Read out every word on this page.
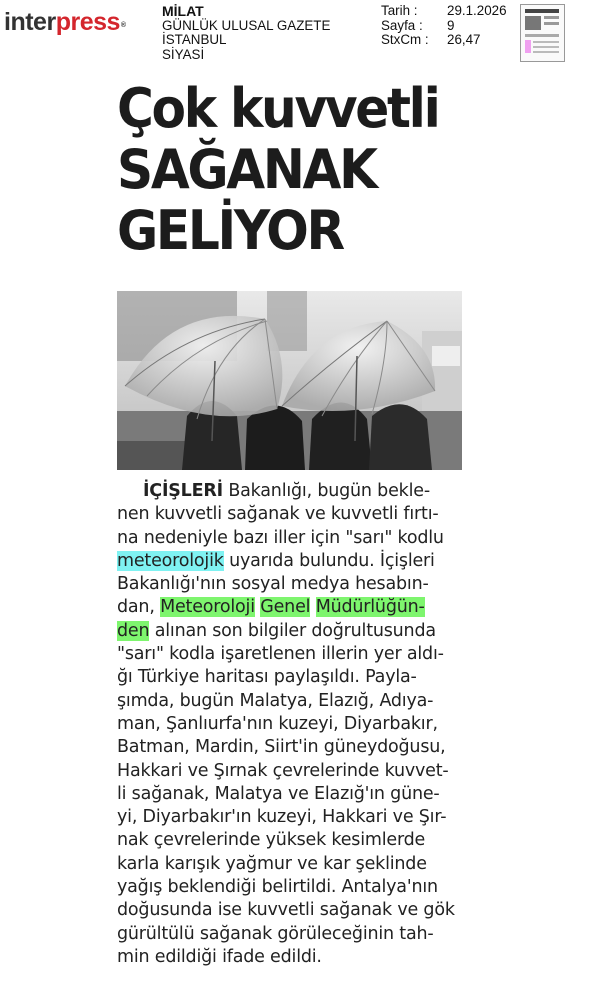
interpress®
MİLAT
GÜNLÜK ULUSAL GAZETE
İSTANBUL
SİYASİ
Tarih :	29.1.2026
Sayfa :	9
StxCm :	26,47
Çok kuvvetli
SAĞANAK
GELİYOR
İÇİŞLERİ Bakanlığı, bugün bekle-
nen kuvvetli sağanak ve kuvvetli fırtı-
na nedeniyle bazı iller için "sarı" kodlu
meteorolojik uyarıda bulundu. İçişleri
Bakanlığı'nın sosyal medya hesabın-
dan, Meteoroloji Genel Müdürlüğün-
den alınan son bilgiler doğrultusunda
"sarı" kodla işaretlenen illerin yer aldı-
ğı Türkiye haritası paylaşıldı. Payla-
şımda, bugün Malatya, Elazığ, Adıya-
man, Şanlıurfa'nın kuzeyi, Diyarbakır,
Batman, Mardin, Siirt'in güneydoğusu,
Hakkari ve Şırnak çevrelerinde kuvvet-
li sağanak, Malatya ve Elazığ'ın güne-
yi, Diyarbakır'ın kuzeyi, Hakkari ve Şır-
nak çevrelerinde yüksek kesimlerde
karla karışık yağmur ve kar şeklinde
yağış beklendiği belirtildi. Antalya'nın
doğusunda ise kuvvetli sağanak ve gök
gürültülü sağanak görüleceğinin tah-
min edildiği ifade edildi.
